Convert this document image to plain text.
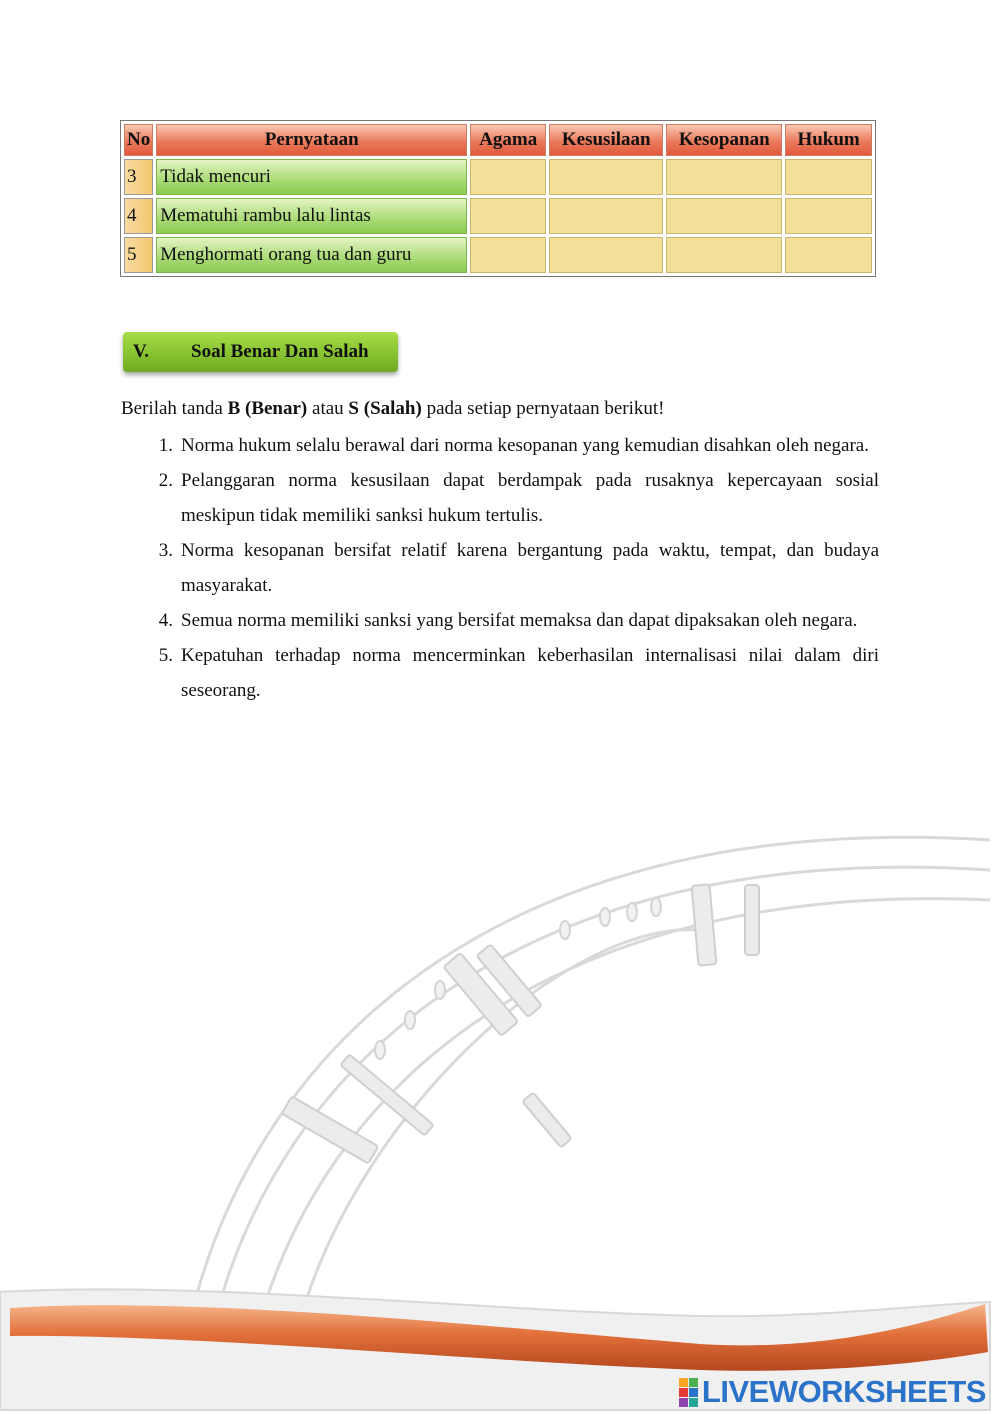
No	Pernyataan	Agama	Kesusilaan	Kesopanan	Hukum
3	Tidak mencuri				
4	Mematuhi rambu lalu lintas				
5	Menghormati orang tua dan guru				
V.	Soal Benar Dan Salah
Berilah tanda B (Benar) atau S (Salah) pada setiap pernyataan berikut!
1. Norma hukum selalu berawal dari norma kesopanan yang kemudian disahkan oleh negara.
2. Pelanggaran norma kesusilaan dapat berdampak pada rusaknya kepercayaan sosial meskipun tidak memiliki sanksi hukum tertulis.
3. Norma kesopanan bersifat relatif karena bergantung pada waktu, tempat, dan budaya masyarakat.
4. Semua norma memiliki sanksi yang bersifat memaksa dan dapat dipaksakan oleh negara.
5. Kepatuhan terhadap norma mencerminkan keberhasilan internalisasi nilai dalam diri seseorang.
LIVEWORKSHEETS
